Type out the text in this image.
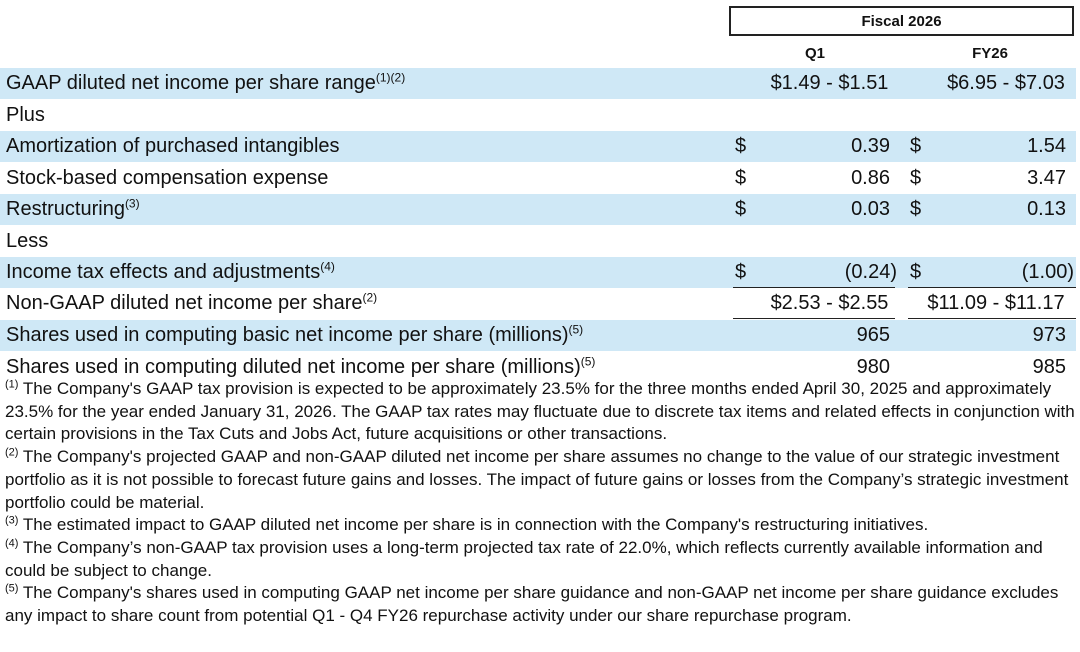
Fiscal 2026
Q1	FY26
GAAP diluted net income per share range$^{(1)(2)}$	$1.49 - $1.51	$6.95 - $7.03
Plus
Amortization of purchased intangibles	$	0.39 $	1.54
Stock-based compensation expense	$	0.86 $	3.47
Restructuring$^{(3)}$	$	0.03 $	0.13
Less
Income tax effects and adjustments$^{(4)}$	$	(0.24) $	(1.00)
Non-GAAP diluted net income per share$^{(2)}$	$2.53 - $2.55	$11.09 - $11.17
Shares used in computing basic net income per share (millions)$^{(5)}$	965	973
Shares used in computing diluted net income per share (millions)$^{(5)}$	980	985

$^{(1)}$ The Company's GAAP tax provision is expected to be approximately 23.5% for the three months ended April 30, 2025 and approximately 23.5% for the year ended January 31, 2026. The GAAP tax rates may fluctuate due to discrete tax items and related effects in conjunction with certain provisions in the Tax Cuts and Jobs Act, future acquisitions or other transactions.

$^{(2)}$ The Company's projected GAAP and non-GAAP diluted net income per share assumes no change to the value of our strategic investment portfolio as it is not possible to forecast future gains and losses. The impact of future gains or losses from the Company’s strategic investment portfolio could be material.

$^{(3)}$ The estimated impact to GAAP diluted net income per share is in connection with the Company's restructuring initiatives.

$^{(4)}$ The Company’s non-GAAP tax provision uses a long-term projected tax rate of 22.0%, which reflects currently available information and could be subject to change.

$^{(5)}$ The Company's shares used in computing GAAP net income per share guidance and non-GAAP net income per share guidance excludes any impact to share count from potential Q1 - Q4 FY26 repurchase activity under our share repurchase program.
